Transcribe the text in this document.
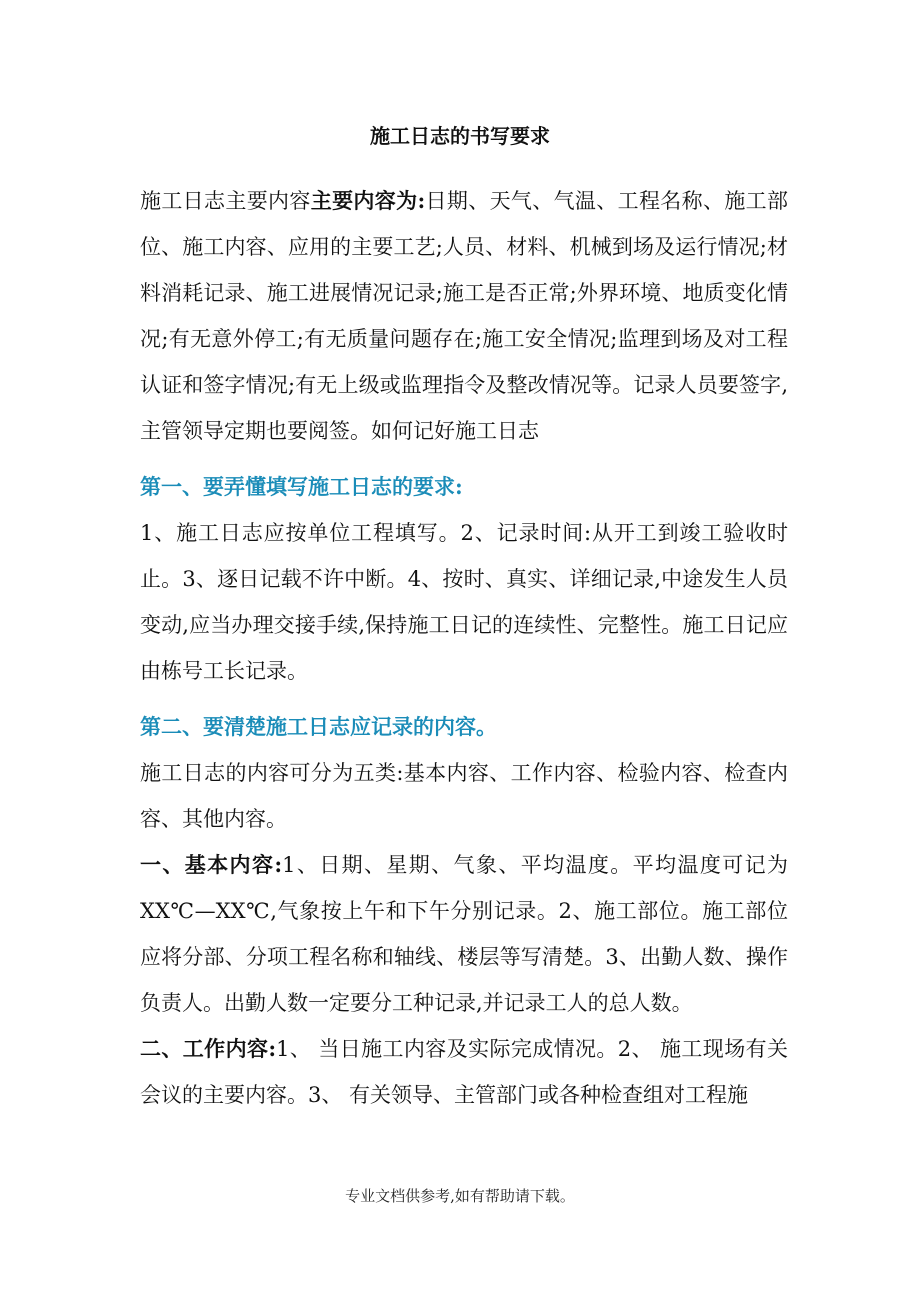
施工日志的书写要求

施工日志主要内容主要内容为:日期、天气、气温、工程名称、施工部位、施工内容、应用的主要工艺;人员、材料、机械到场及运行情况;材料消耗记录、施工进展情况记录;施工是否正常;外界环境、地质变化情况;有无意外停工;有无质量问题存在;施工安全情况;监理到场及对工程认证和签字情况;有无上级或监理指令及整改情况等。记录人员要签字,主管领导定期也要阅签。如何记好施工日志

第一、要弄懂填写施工日志的要求:

1、施工日志应按单位工程填写。2、记录时间:从开工到竣工验收时止。3、逐日记载不许中断。4、按时、真实、详细记录,中途发生人员变动,应当办理交接手续,保持施工日记的连续性、完整性。施工日记应由栋号工长记录。

第二、要清楚施工日志应记录的内容。

施工日志的内容可分为五类:基本内容、工作内容、检验内容、检查内容、其他内容。

一、基本内容:1、日期、星期、气象、平均温度。平均温度可记为XX℃—XX℃,气象按上午和下午分别记录。2、施工部位。施工部位应将分部、分项工程名称和轴线、楼层等写清楚。3、出勤人数、操作负责人。出勤人数一定要分工种记录,并记录工人的总人数。

二、工作内容:1、 当日施工内容及实际完成情况。2、 施工现场有关会议的主要内容。3、 有关领导、主管部门或各种检查组对工程施

专业文档供参考,如有帮助请下载。
